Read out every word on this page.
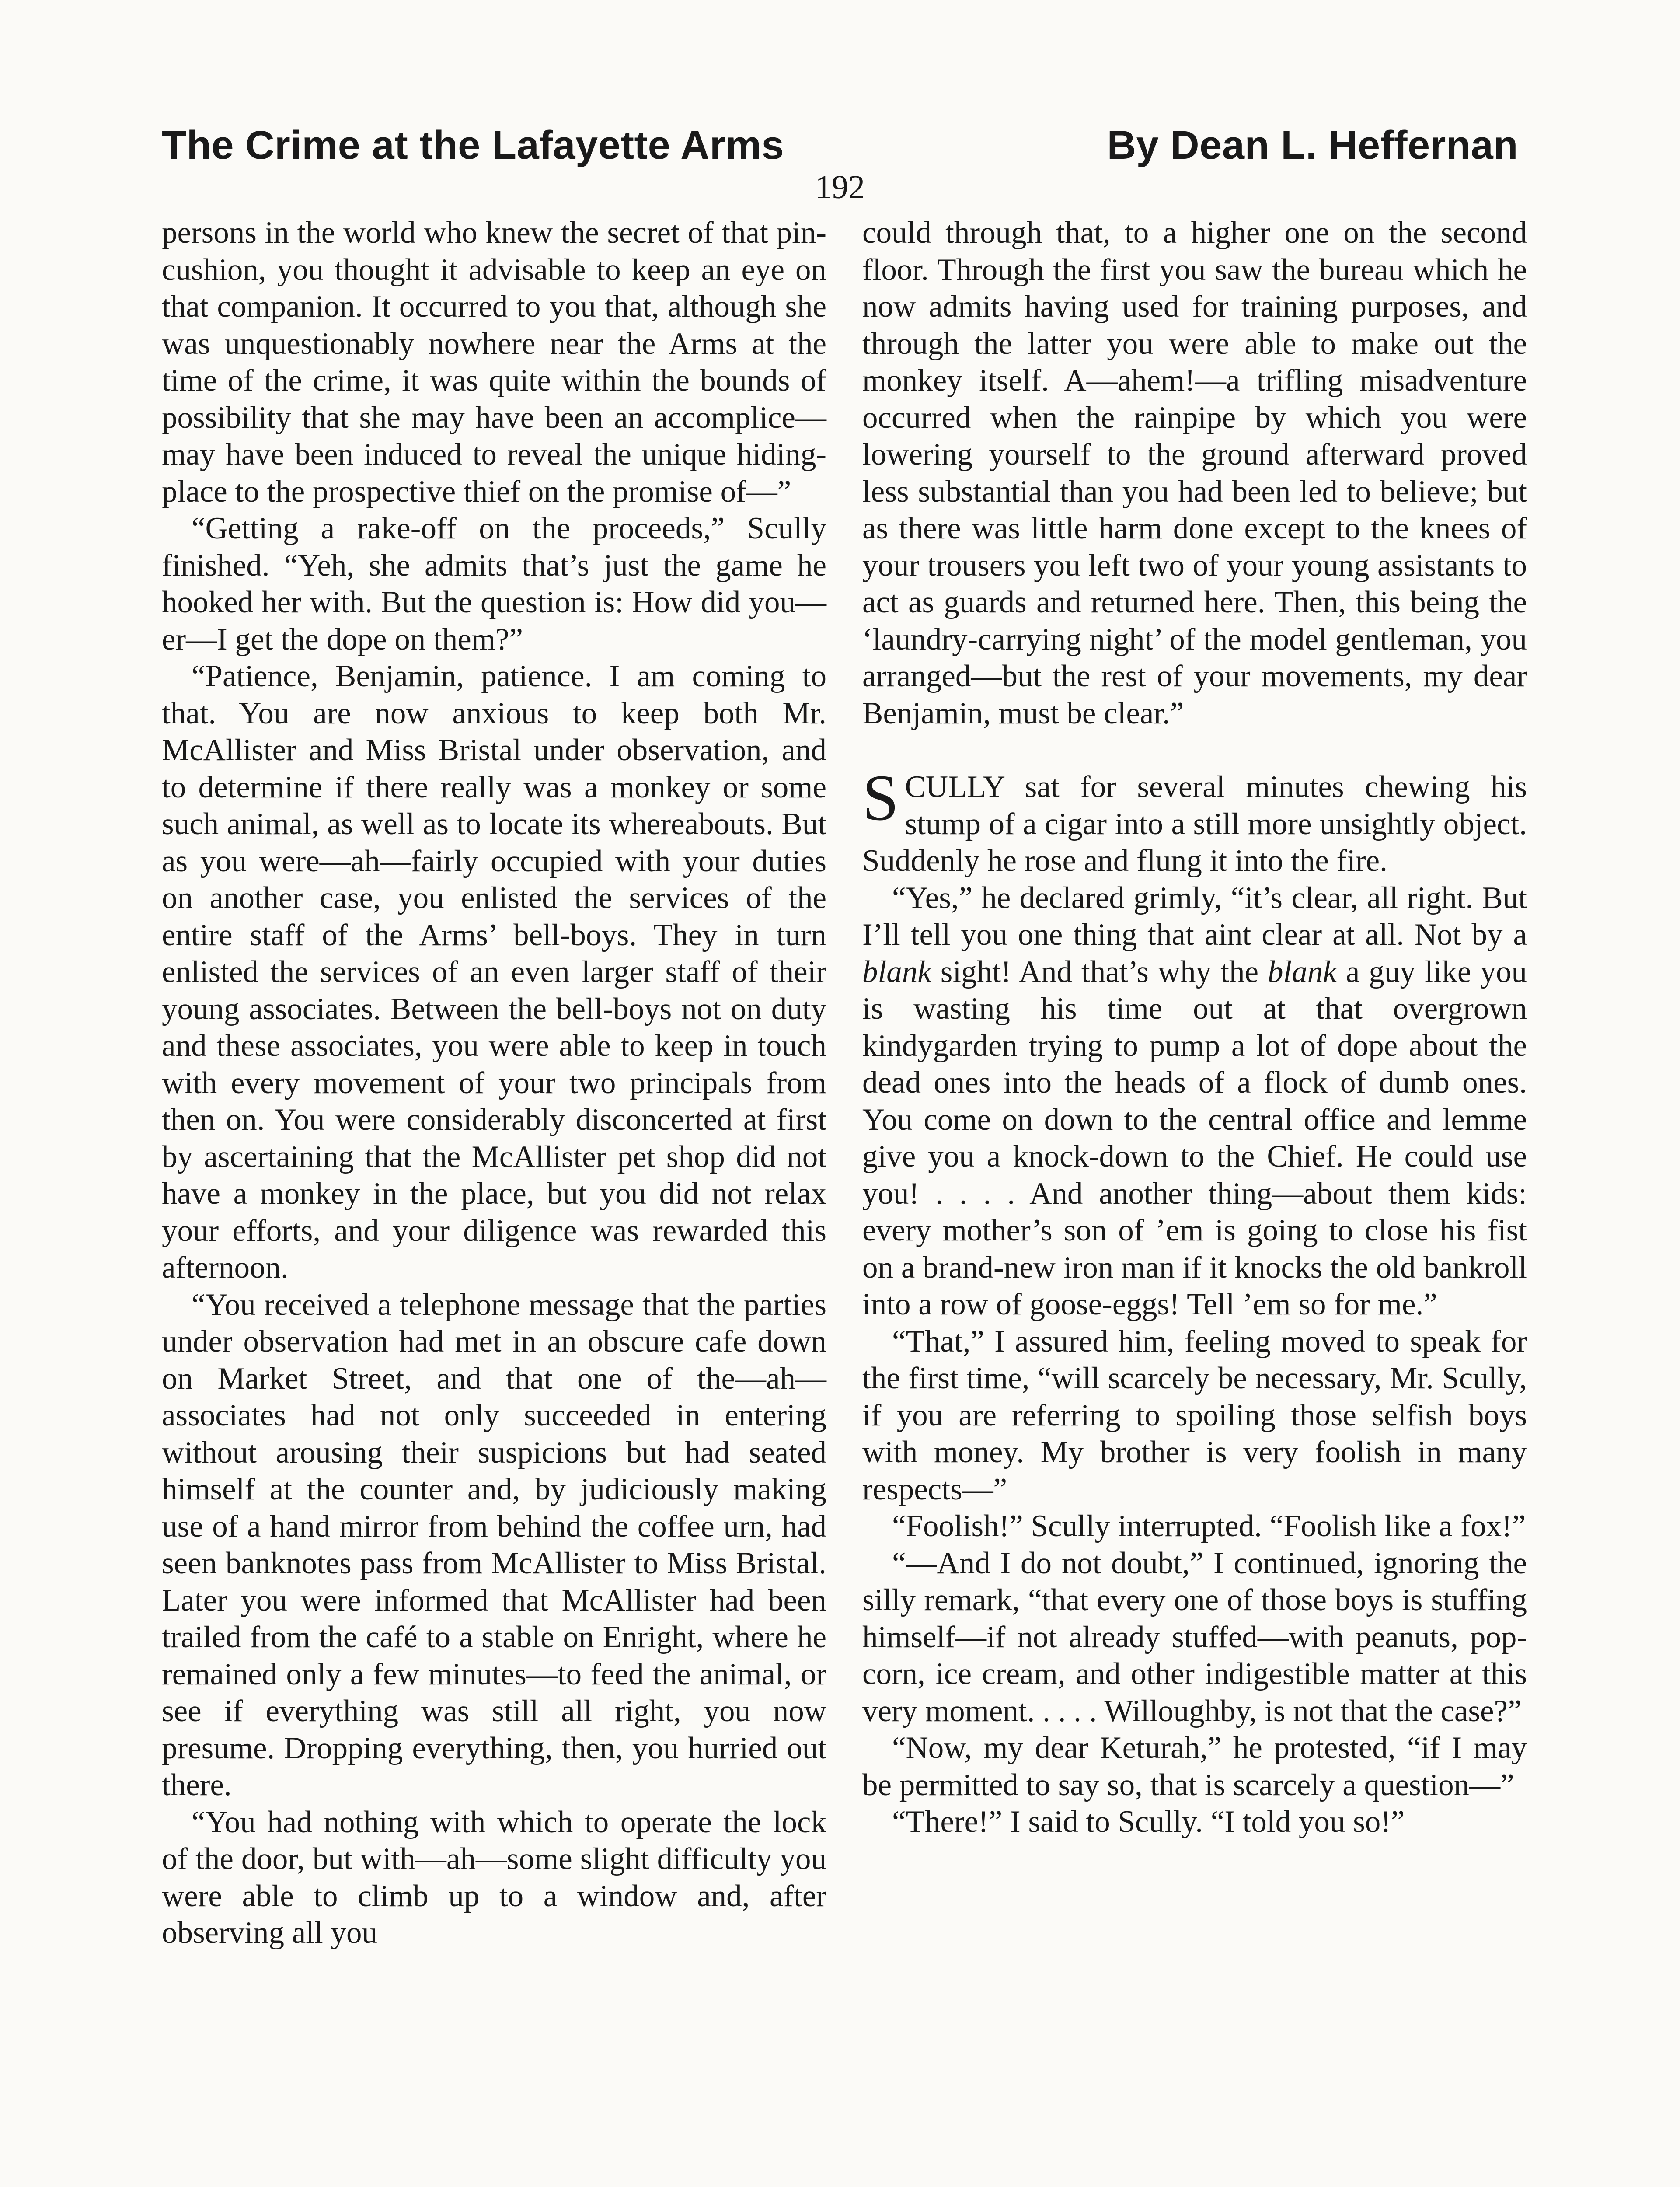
The Crime at the Lafayette Arms	By Dean L. Heffernan
192

persons in the world who knew the secret of that pin-cushion, you thought it advisable to keep an eye on that companion. It occurred to you that, although she was unquestionably nowhere near the Arms at the time of the crime, it was quite within the bounds of possibility that she may have been an accomplice—may have been induced to reveal the unique hiding-place to the prospective thief on the promise of—”

“Getting a rake-off on the proceeds,” Scully finished. “Yeh, she admits that’s just the game he hooked her with. But the question is: How did you—er—I get the dope on them?”

“Patience, Benjamin, patience. I am coming to that. You are now anxious to keep both Mr. McAllister and Miss Bristal under observation, and to determine if there really was a monkey or some such animal, as well as to locate its whereabouts. But as you were—ah—fairly occupied with your duties on another case, you enlisted the services of the entire staff of the Arms’ bell-boys. They in turn enlisted the services of an even larger staff of their young associates. Between the bell-boys not on duty and these associates, you were able to keep in touch with every movement of your two principals from then on. You were considerably disconcerted at first by ascertaining that the McAllister pet shop did not have a monkey in the place, but you did not relax your efforts, and your diligence was rewarded this afternoon.

“You received a telephone message that the parties under observation had met in an obscure cafe down on Market Street, and that one of the—ah—associates had not only succeeded in entering without arousing their suspicions but had seated himself at the counter and, by judiciously making use of a hand mirror from behind the coffee urn, had seen banknotes pass from McAllister to Miss Bristal. Later you were informed that McAllister had been trailed from the café to a stable on Enright, where he remained only a few minutes—to feed the animal, or see if everything was still all right, you now presume. Dropping everything, then, you hurried out there.

“You had nothing with which to operate the lock of the door, but with—ah—some slight difficulty you were able to climb up to a window and, after observing all you

could through that, to a higher one on the second floor. Through the first you saw the bureau which he now admits having used for training purposes, and through the latter you were able to make out the monkey itself. A—ahem!—a trifling misadventure occurred when the rainpipe by which you were lowering yourself to the ground afterward proved less substantial than you had been led to believe; but as there was little harm done except to the knees of your trousers you left two of your young assistants to act as guards and returned here. Then, this being the ‘laundry-carrying night’ of the model gentleman, you arranged—but the rest of your movements, my dear Benjamin, must be clear.”

SCULLY sat for several minutes chewing his stump of a cigar into a still more unsightly object. Suddenly he rose and flung it into the fire.

“Yes,” he declared grimly, “it’s clear, all right. But I’ll tell you one thing that aint clear at all. Not by a blank sight! And that’s why the blank a guy like you is wasting his time out at that overgrown kindygarden trying to pump a lot of dope about the dead ones into the heads of a flock of dumb ones. You come on down to the central office and lemme give you a knock-down to the Chief. He could use you! . . . . And another thing—about them kids: every mother’s son of ’em is going to close his fist on a brand-new iron man if it knocks the old bankroll into a row of goose-eggs! Tell ’em so for me.”

“That,” I assured him, feeling moved to speak for the first time, “will scarcely be necessary, Mr. Scully, if you are referring to spoiling those selfish boys with money. My brother is very foolish in many respects—”

“Foolish!” Scully interrupted. “Foolish like a fox!”

“—And I do not doubt,” I continued, ignoring the silly remark, “that every one of those boys is stuffing himself—if not already stuffed—with peanuts, pop-corn, ice cream, and other indigestible matter at this very moment. . . . . Willoughby, is not that the case?”

“Now, my dear Keturah,” he protested, “if I may be permitted to say so, that is scarcely a question—”

“There!” I said to Scully. “I told you so!”
